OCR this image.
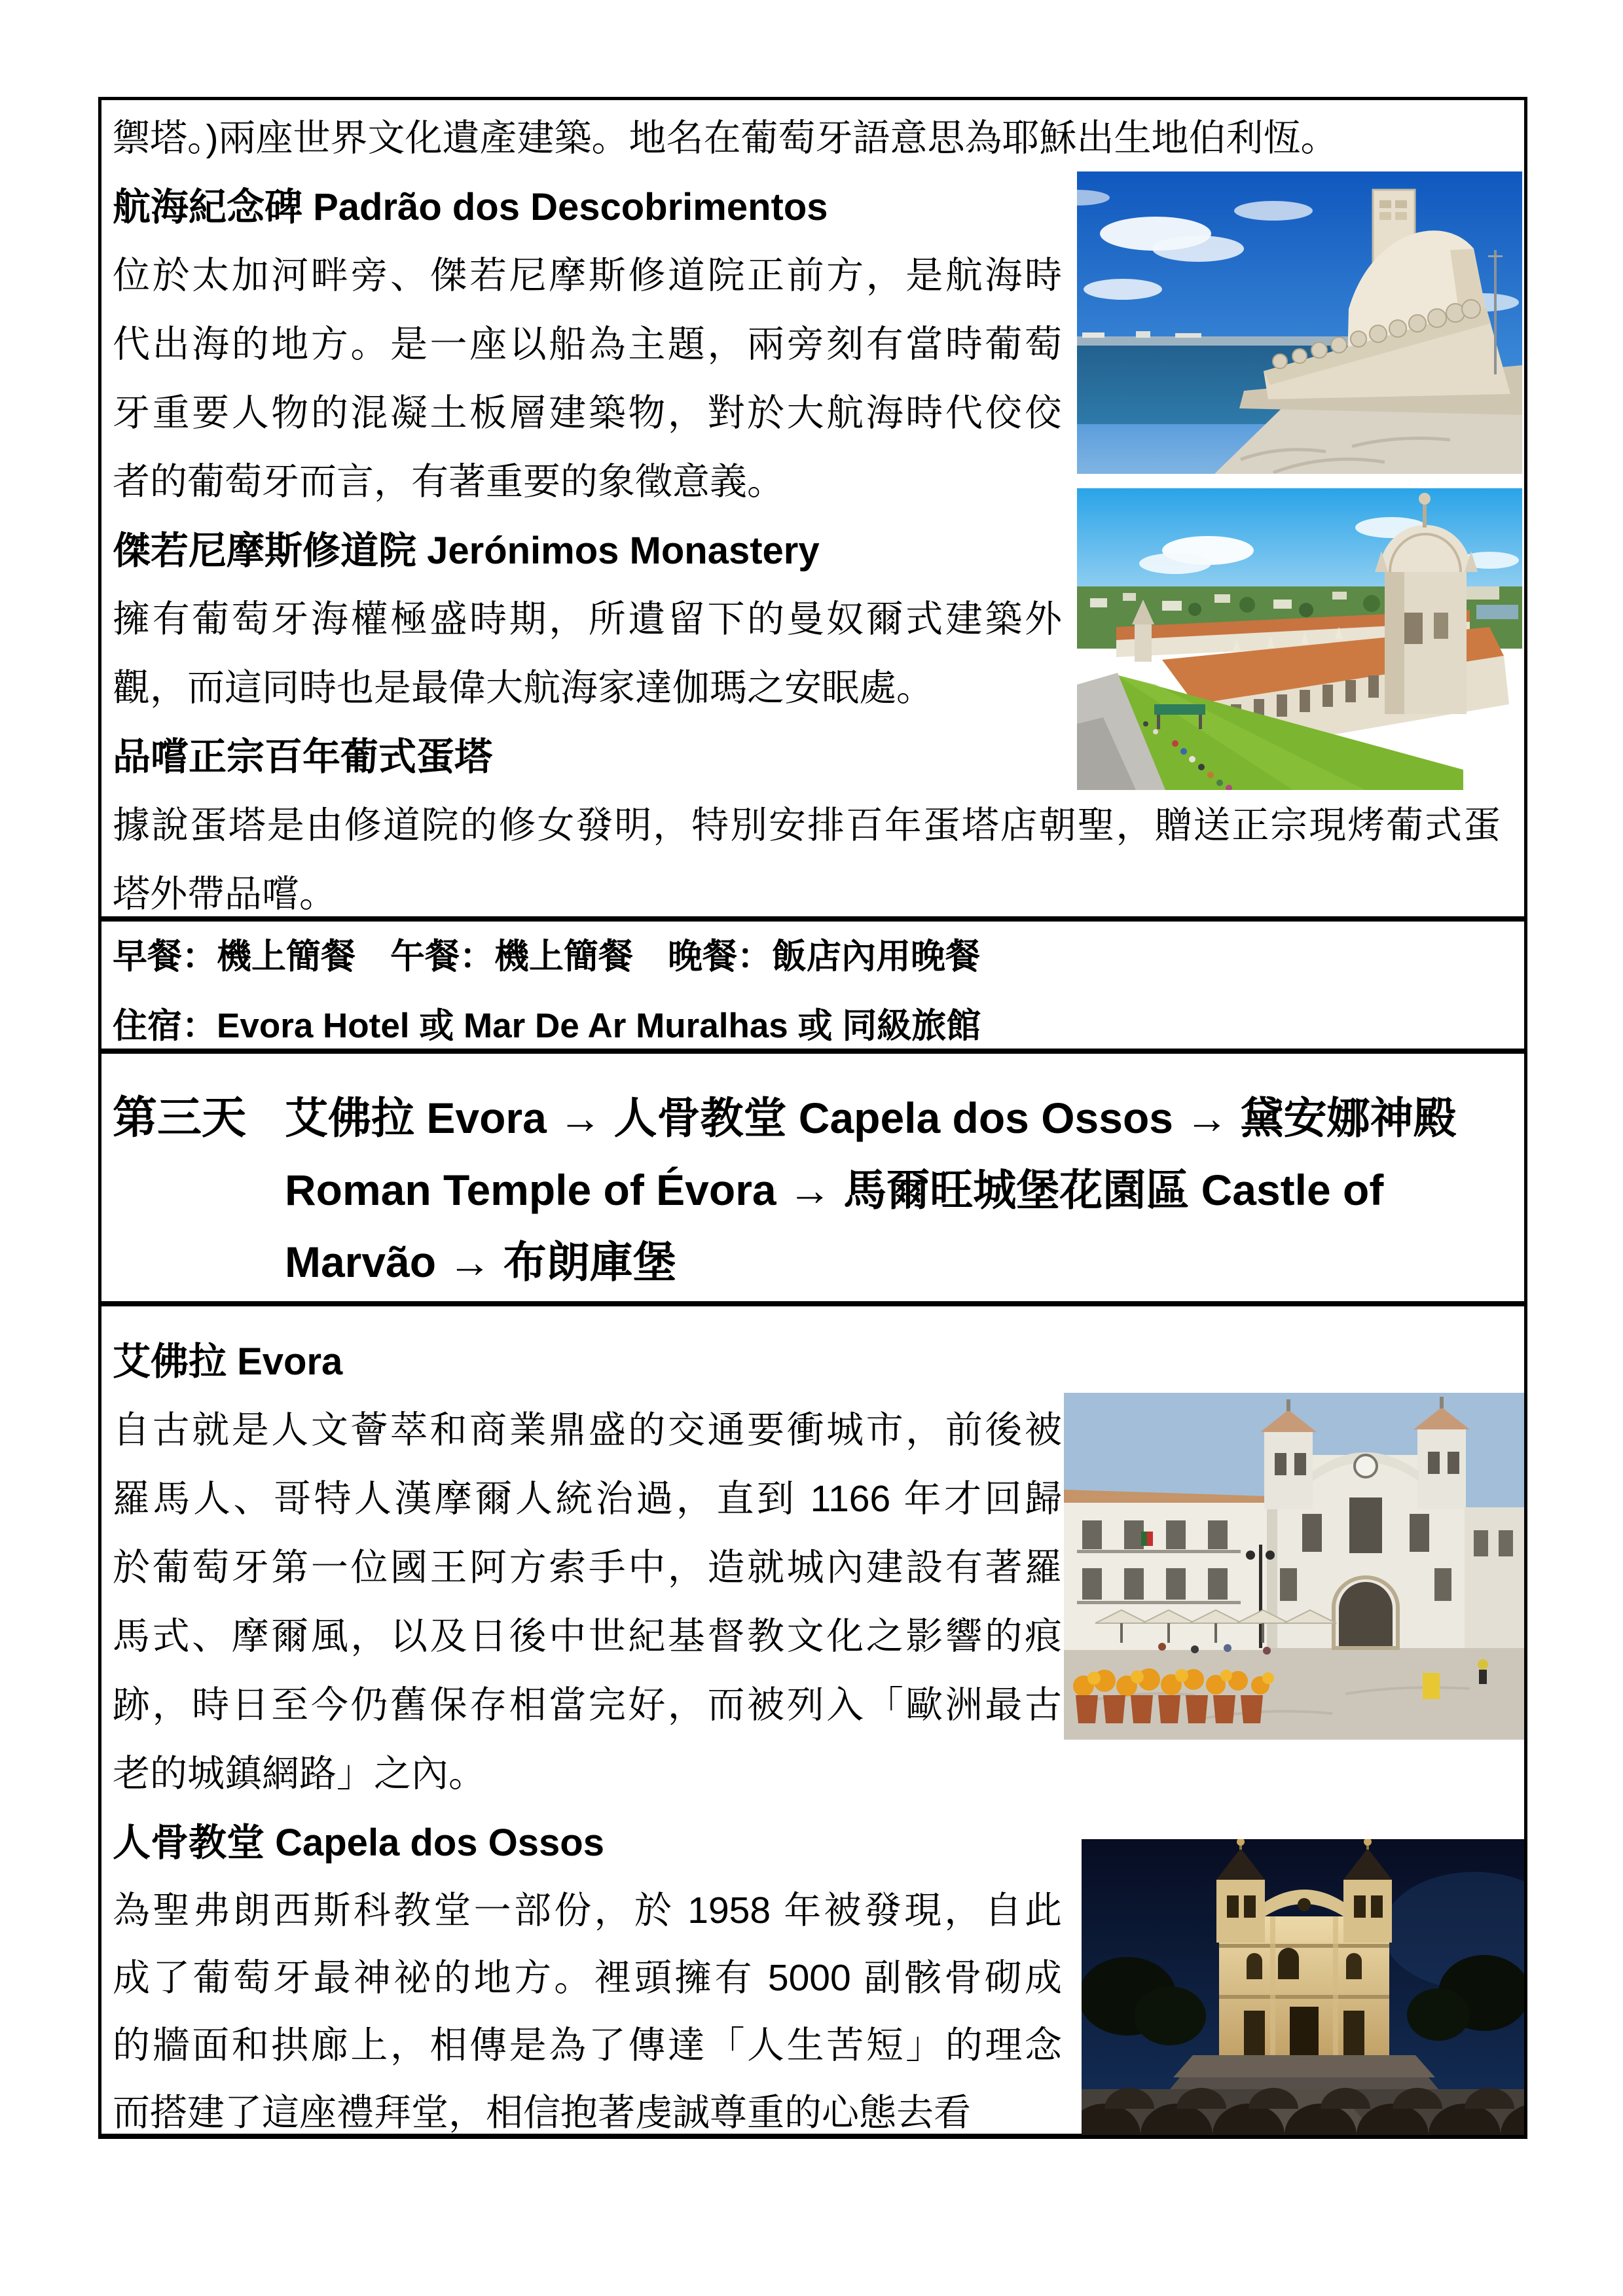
禦塔。)兩座世界文化遺產建築。地名在葡萄牙語意思為耶穌出生地伯利恆。
航海紀念碑 Padrão dos Descobrimentos
位於太加河畔旁、傑若尼摩斯修道院正前方，是航海時
代出海的地方。是一座以船為主題，兩旁刻有當時葡萄
牙重要人物的混凝土板層建築物，對於大航海時代佼佼
者的葡萄牙而言，有著重要的象徵意義。
傑若尼摩斯修道院 Jerónimos Monastery
擁有葡萄牙海權極盛時期，所遺留下的曼奴爾式建築外
觀，而這同時也是最偉大航海家達伽瑪之安眠處。
品嚐正宗百年葡式蛋塔
據說蛋塔是由修道院的修女發明，特別安排百年蛋塔店朝聖，贈送正宗現烤葡式蛋
塔外帶品嚐。
早餐：機上簡餐　午餐：機上簡餐　晚餐：飯店內用晚餐
住宿：Evora Hotel 或 Mar De Ar Muralhas 或 同級旅館
第三天 艾佛拉 Evora → 人骨教堂 Capela dos Ossos → 黛安娜神殿
Roman Temple of Évora → 馬爾旺城堡花園區 Castle of
Marvão → 布朗庫堡
艾佛拉 Evora
自古就是人文薈萃和商業鼎盛的交通要衝城市，前後被
羅馬人、哥特人漢摩爾人統治過，直到 1166 年才回歸
於葡萄牙第一位國王阿方索手中，造就城內建設有著羅
馬式、摩爾風，以及日後中世紀基督教文化之影響的痕
跡，時日至今仍舊保存相當完好，而被列入「歐洲最古
老的城鎮網路」之內。
人骨教堂 Capela dos Ossos
為聖弗朗西斯科教堂一部份，於 1958 年被發現，自此
成了葡萄牙最神祕的地方。裡頭擁有 5000 副骸骨砌成
的牆面和拱廊上，相傳是為了傳達「人生苦短」的理念
而搭建了這座禮拜堂，相信抱著虔誠尊重的心態去看
